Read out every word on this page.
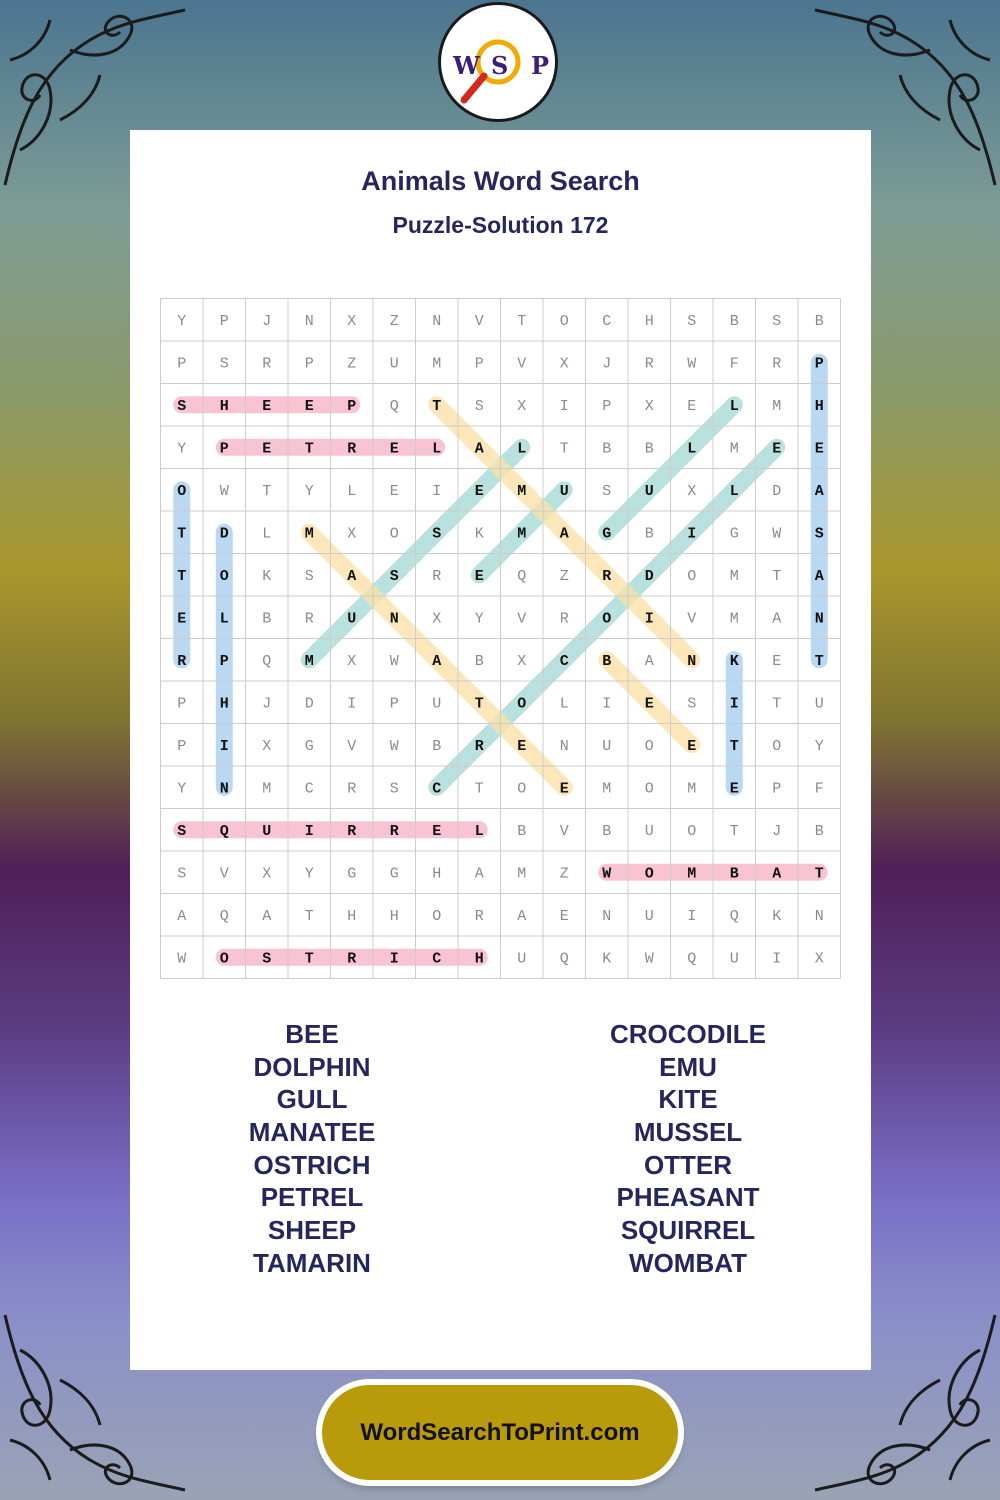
W S P
Animals Word Search
Puzzle-Solution 172
Y P J N X Z N V T O C H S B S B
P S R P Z U M P V X J R W F R P
S H E E P Q T S X I P X E L M H
Y P E T R E L A L T B B L M E E
O W T Y L E I E M U S U X L D A
T D L M X O S K M A G B I G W S
T O K S A S R E Q Z R D O M T A
E L B R U N X Y V R O I V M A N
R P Q M X W A B X C B A N K E T
P H J D I P U T O L I E S I T U
P I X G V W B R E N U O E T O Y
Y N M C R S C T O E M O M E P F
S Q U I R R E L B V B U O T J B
S V X Y G G H A M Z W O M B A T
A Q A T H H O R A E N U I Q K N
W O S T R I C H U Q K W Q U I X
BEE
DOLPHIN
GULL
MANATEE
OSTRICH
PETREL
SHEEP
TAMARIN
CROCODILE
EMU
KITE
MUSSEL
OTTER
PHEASANT
SQUIRREL
WOMBAT
WordSearchToPrint.com
